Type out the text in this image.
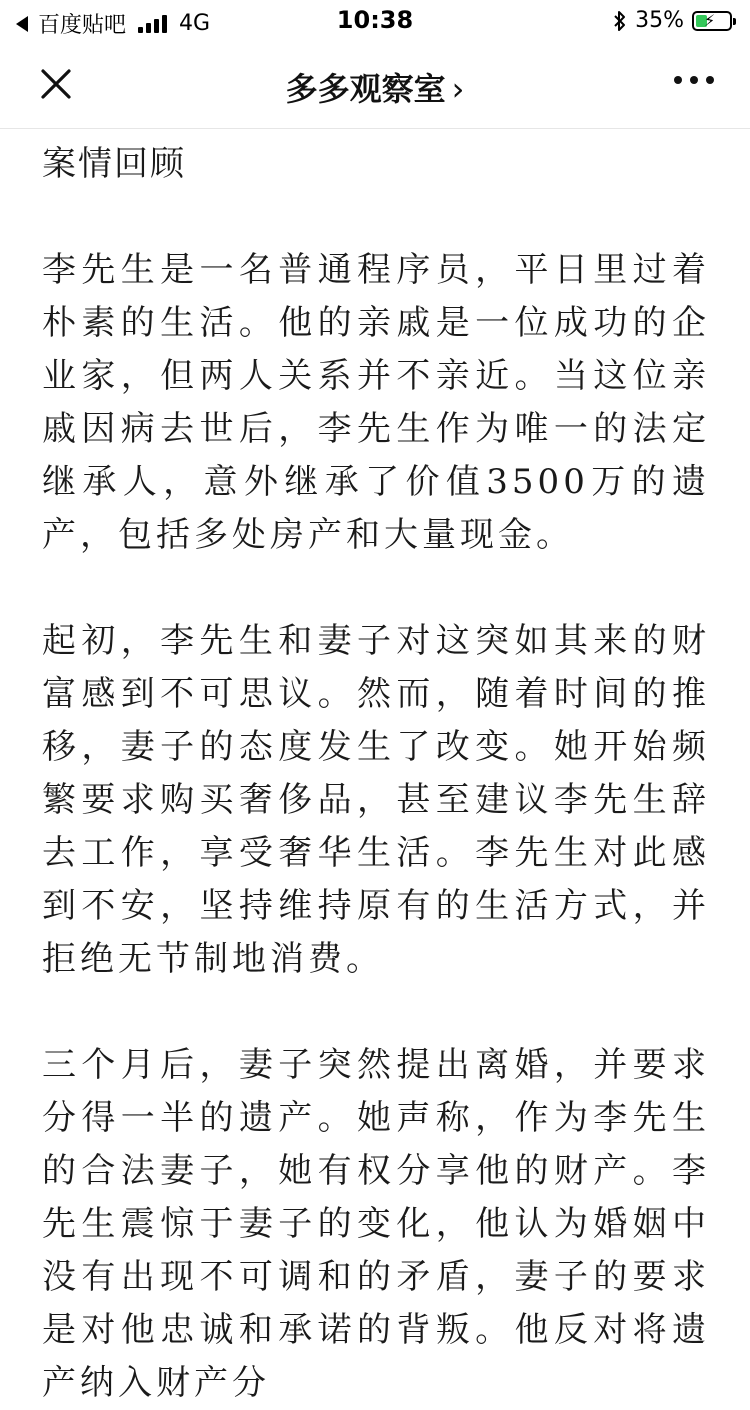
百度贴吧 4G	10:38	35% ⚡
多多观察室 ›

案情回顾

李先生是一名普通程序员，平日里过着朴素的生活。他的亲戚是一位成功的企业家，但两人关系并不亲近。当这位亲戚因病去世后，李先生作为唯一的法定继承人，意外继承了价值3500万的遗产，包括多处房产和大量现金。

起初，李先生和妻子对这突如其来的财富感到不可思议。然而，随着时间的推移，妻子的态度发生了改变。她开始频繁要求购买奢侈品，甚至建议李先生辞去工作，享受奢华生活。李先生对此感到不安，坚持维持原有的生活方式，并拒绝无节制地消费。

三个月后，妻子突然提出离婚，并要求分得一半的遗产。她声称，作为李先生的合法妻子，她有权分享他的财产。李先生震惊于妻子的变化，他认为婚姻中没有出现不可调和的矛盾，妻子的要求是对他忠诚和承诺的背叛。他反对将遗产纳入财产分
